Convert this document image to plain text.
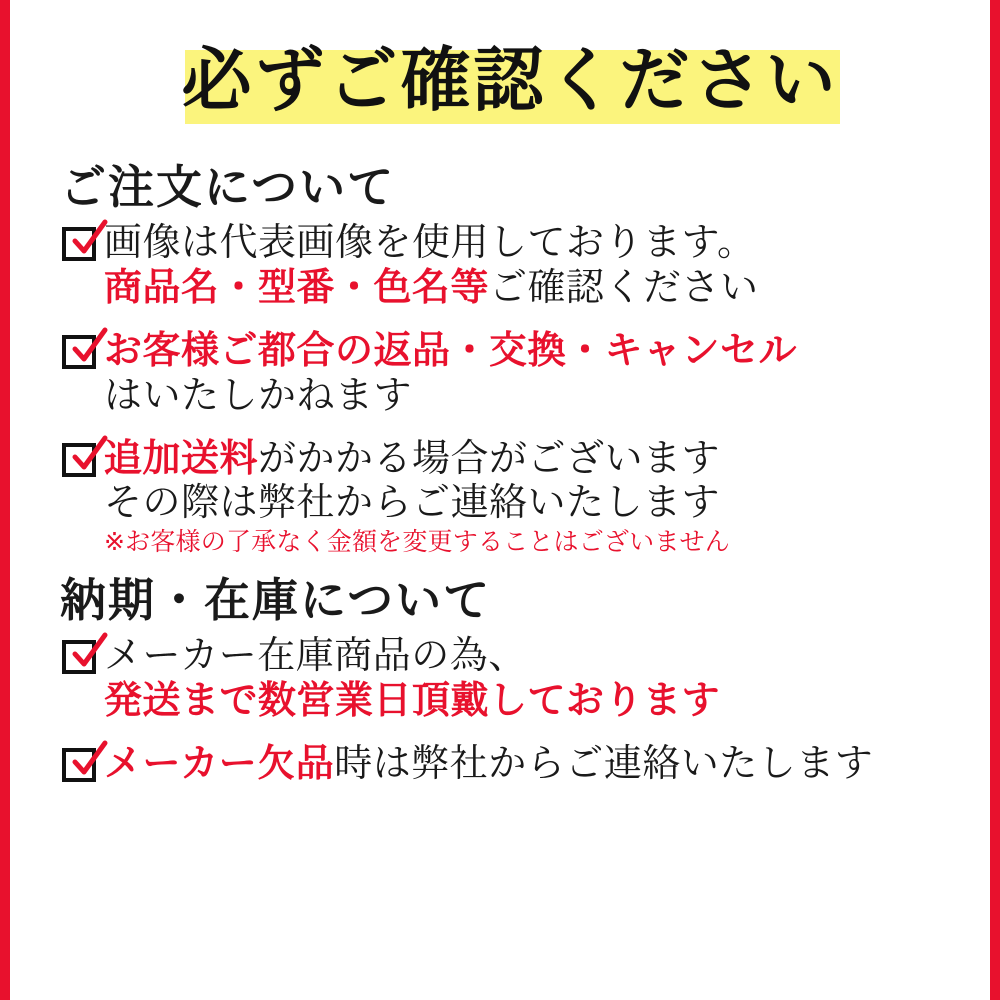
必ずご確認ください
ご注文について
画像は代表画像を使用しております。 商品名・型番・色名等ご確認ください
お客様ご都合の返品・交換・キャンセル はいたしかねます
追加送料がかかる場合がございます その際は弊社からご連絡いたします ※お客様の了承なく金額を変更することはございません
納期・在庫について
メーカー在庫商品の為、 発送まで数営業日頂戴しております
メーカー欠品時は弊社からご連絡いたします
